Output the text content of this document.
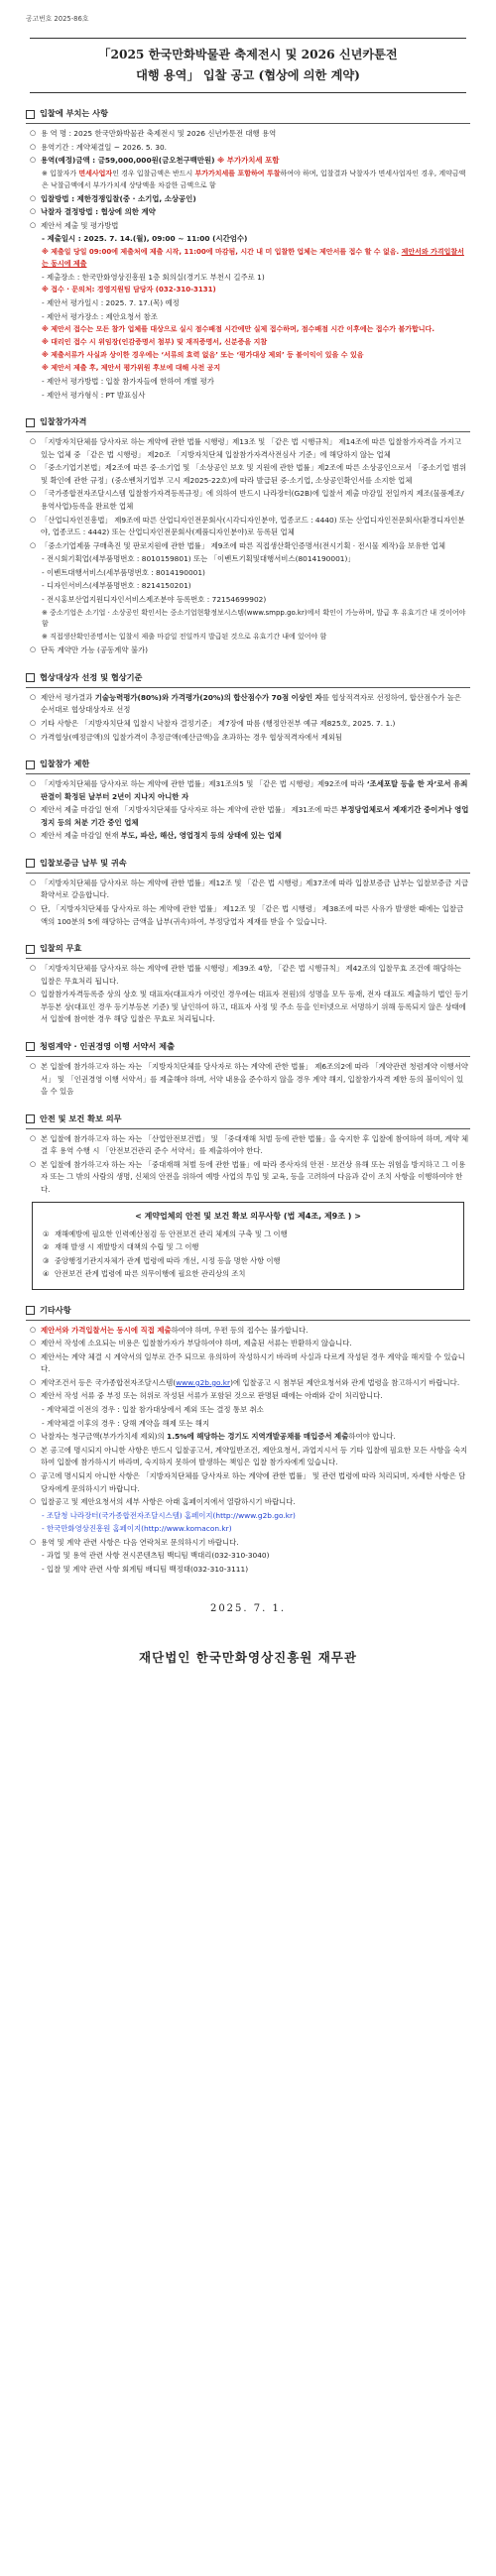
공고번호 2025-86호
「2025 한국만화박물관 축제전시 및 2026 신년카툰전
대행 용역」 입찰 공고 (협상에 의한 계약)
입찰에 부치는 사항
○ 용 역 명 : 2025 한국만화박물관 축제전시 및 2026 신년카툰전 대행 용역
○ 용역기간 : 계약체결일 ~ 2026. 5. 30.
○ 용역(예정)금액 : 금59,000,000원(금오천구백만원) ※ 부가가치세 포함
※ 입찰자가 면세사업자인 경우 입찰금액은 반드시 부가가치세를 포함하여 투찰하여야 하며, 입찰결과 낙찰자가 면세사업자인 경우, 계약금액은 낙찰금액에서 부가가치세 상당액을 차감한 금액으로 함
○ 입찰방법 : 제한경쟁입찰(중 · 소기업, 소상공인)
○ 낙찰자 결정방법 : 협상에 의한 계약
○ 제안서 제출 및 평가방법
- 제출일시 : 2025. 7. 14.(월), 09:00 ~ 11:00 (시간엄수)
※ 제출일 당일 09:00에 제출처에 제출 시작, 11:00에 마감됨, 시간 내 미 입찰한 업체는 제안서를 접수 할 수 없음. 제안서와 가격입찰서는 동시에 제출
- 제출장소 : 한국만화영상진흥원 1층 회의실(경기도 부천시 길주로 1)
※ 접수 · 문의처: 경영지원팀 담당자 (032-310-3131)
- 제안서 평가일시 : 2025. 7. 17.(목) 예정
- 제안서 평가장소 : 제안요청서 참조
※ 제안서 접수는 모든 참가 업체를 대상으로 실시 점수배점 시간에만 실제 접수하며, 점수배점 시간 이후에는 접수가 불가합니다.
※ 대리인 접수 시 위임장(인감증명서 첨부) 및 재직증명서, 신분증을 지참
※ 제출서류가 사실과 상이한 경우에는 ‘서류의 효력 없음’ 또는 ‘평가대상 제외’ 등 불이익이 있을 수 있음
※ 제안서 제출 후, 제안서 평가위원 후보에 대해 사전 공지
- 제안서 평가방법 : 입찰 참가자들에 한하여 개별 평가
- 제안서 평가형식 : PT 발표심사
입찰참가자격
○ 「지방자치단체를 당사자로 하는 계약에 관한 법률 시행령」제13조 및 「같은 법 시행규칙」 제14조에 따른 입찰참가자격을 가지고 있는 업체 중 「같은 법 시행령」 제20조 「지방자치단체 입찰참가자격사전심사 기준」에 해당하지 않는 업체
○ 「중소기업기본법」제2조에 따른 중·소기업 및 「소상공인 보호 및 지원에 관한 법률」제2조에 따른 소상공인으로서 「중소기업 범위 및 확인에 관한 규정」(중소벤처기업부 고시 제2025-22호)에 따라 발급된 중·소기업, 소상공인확인서를 소지한 업체
○ 「국가종합전자조달시스템 입찰참가자격등록규정」에 의하여 반드시 나라장터(G2B)에 입찰서 제출 마감일 전일까지 제조(물품제조/용역사업)등록을 완료한 업체
○ 「산업디자인진흥법」 제9조에 따른 산업디자인전문회사(시각디자인분야, 업종코드 : 4440) 또는 산업디자인전문회사(환경디자인분야, 업종코드 : 4442) 또는 산업디자인전문회사(제품디자인분야)로 등록된 업체
○ 「중소기업제품 구매촉진 및 판로지원에 관한 법률」 제9조에 따른 직접생산확인증명서(전시기획 · 전시물 제작)을 보유한 업체
- 전시회기획업(세부품명번호 : 8010159801) 또는 「이벤트기획및대행서비스(8014190001)」
- 이벤트대행서비스(세부품명번호 : 8014190001)
- 디자인서비스(세부품명번호 : 8214150201)
- 전시홍보산업지원디자인서비스제조분야 등록번호 : 72154699902)
※ 중소기업은 소기업 · 소상공인 확인서는 중소기업현황정보시스템(www.smpp.go.kr)에서 확인이 가능하며, 발급 후 유효기간 내 것이어야 함
※ 직접생산확인증명서는 입찰서 제출 마감일 전일까지 발급된 것으로 유효기간 내에 있어야 함
○ 단독 계약만 가능 (공동계약 불가)
협상대상자 선정 및 협상기준
○ 제안서 평가결과 기술능력평가(80%)와 가격평가(20%)의 합산점수가 70점 이상인 자를 협상적격자로 선정하여, 합산점수가 높은 순서대로 협상대상자로 선정
○ 기타 사항은 「지방자치단체 입찰시 낙찰자 결정기준」 제7장에 따름 (행정안전부 예규 제825호, 2025. 7. 1.)
○ 가격협상(예정금액)의 입찰가격이 추정금액(예산금액)을 초과하는 경우 협상적격자에서 제외됨
입찰참가 제한
○ 「지방자치단체를 당사자로 하는 계약에 관한 법률」제31조의5 및 「같은 법 시행령」제92조에 따라 ‘조세포탈 등을 한 자’로서 유죄판결이 확정된 날부터 2년이 지나지 아니한 자
○ 제안서 제출 마감일 현재 「지방자치단체를 당사자로 하는 계약에 관한 법률」 제31조에 따른 부정당업체로서 제재기간 중이거나 영업정지 등의 처분 기간 중인 업체
○ 제안서 제출 마감일 현재 부도, 파산, 해산, 영업정지 등의 상태에 있는 업체
입찰보증금 납부 및 귀속
○ 「지방자치단체를 당사자로 하는 계약에 관한 법률」제12조 및 「같은 법 시행령」제37조에 따라 입찰보증금 납부는 입찰보증금 지급 확약서로 갈음합니다.
○ 단, 「지방자치단체를 당사자로 하는 계약에 관한 법률」 제12조 및 「같은 법 시행령」 제38조에 따른 사유가 발생한 때에는 입찰금액의 100분의 5에 해당하는 금액을 납부(귀속)하여, 부정당업자 제재를 받을 수 있습니다.
입찰의 무효
○ 「지방자치단체를 당사자로 하는 계약에 관한 법률 시행령」제39조 4항, 「같은 법 시행규칙」 제42조의 입찰무효 조건에 해당하는 입찰은 무효처리 됩니다.
○ 입찰참가자격등록증 상의 상호 및 대표자(대표자가 여럿인 경우에는 대표자 전원)의 성명을 모두 등재, 전자 대표도 제출하기 법인 등기부등본 상(대표인 경우 등기부등본 기준) 및 날인하여 하고, 대표자 사정 및 주소 등을 인터넷으로 서명하기 위해 등록되지 않은 상태에서 입찰에 참여한 경우 해당 입찰은 무효로 처리됩니다.
청렴계약 · 인권경영 이행 서약서 제출
○ 본 입찰에 참가하고자 하는 자는 「지방자치단체를 당사자로 하는 계약에 관한 법률」 제6조의2에 따라 「계약관련 청렴계약 이행서약서」 및 「인권경영 이행 서약서」를 제출해야 하며, 서약 내용을 준수하지 않을 경우 계약 해지, 입찰참가자격 제한 등의 불이익이 있을 수 있음
안전 및 보건 확보 의무
○ 본 입찰에 참가하고자 하는 자는 「산업안전보건법」 및 「중대재해 처벌 등에 관한 법률」을 숙지한 후 입찰에 참여하여 하며, 계약 체결 후 용역 수행 시 「안전보건관리 준수 서약서」를 제출하여야 한다.
○ 본 입찰에 참가하고자 하는 자는 「중대재해 처벌 등에 관한 법률」에 따라 종사자의 안전 · 보건상 유해 또는 위험을 방지하고 그 이용자 또는 그 밖의 사람의 생명, 신체의 안전을 위하여 예방 사업의 투입 및 교육, 등을 고려하여 다음과 같이 조치 사항을 이행하여야 한다.
< 계약업체의 안전 및 보건 확보 의무사항 (법 제4조, 제9조 ) >
① 재해예방에 필요한 인력예산점검 등 안전보건 관리 체계의 구축 및 그 이행
② 재해 발생 시 재발방지 대책의 수립 및 그 이행
③ 중앙행정기관지자체가 관계 법령에 따라 개선, 시정 등을 명한 사항 이행
④ 안전보건 관계 법령에 따른 의무이행에 필요한 관리상의 조치
기타사항
○ 제안서와 가격입찰서는 동시에 직접 제출하여야 하며, 우편 등의 접수는 불가합니다.
○ 제안서 작성에 소요되는 비용은 입찰참가자가 부담하여야 하며, 제출된 서류는 반환하지 않습니다.
○ 제안서는 계약 체결 시 계약서의 일부로 간주 되므로 유의하여 작성하시기 바라며 사실과 다르게 작성된 경우 계약을 해지할 수 있습니다.
○ 계약조건서 등은 국가종합전자조달시스템(www.g2b.go.kr)에 입찰공고 시 첨부된 제안요청서와 관계 법령을 참고하시기 바랍니다.
○ 제안서 작성 서류 중 부정 또는 허위로 작성된 서류가 포함된 것으로 판명된 때에는 아래와 같이 처리합니다.
- 계약체결 이전의 경우 : 입찰 참가대상에서 제외 또는 결정 통보 취소
- 계약체결 이후의 경우 : 당해 계약을 해제 또는 해지
○ 낙찰자는 청구금액(부가가치세 제외)의 1.5%에 해당하는 경기도 지역개발공채를 매입증서 제출하여야 합니다.
○ 본 공고에 명시되지 아니한 사항은 반드시 입찰공고서, 계약일반조건, 제안요청서, 과업지시서 등 기타 입찰에 필요한 모든 사항을 숙지하여 입찰에 참가하시기 바라며, 숙지하지 못하여 발생하는 책임은 입찰 참가자에게 있습니다.
○ 공고에 명시되지 아니한 사항은 「지방자치단체를 당사자로 하는 계약에 관한 법률」 및 관련 법령에 따라 처리되며, 자세한 사항은 담당자에게 문의하시기 바랍니다.
○ 입찰공고 및 제안요청서의 세부 사항은 아래 홈페이지에서 열람하시기 바랍니다.
- 조달청 나라장터(국가종합전자조달시스템) 홈페이지(http://www.g2b.go.kr)
- 한국만화영상진흥원 홈페이지(http://www.komacon.kr)
○ 용역 및 계약 관련 사항은 다음 연락처로 문의하시기 바랍니다.
- 과업 및 용역 관련 사항 전시콘텐츠팀 백디팀 백대리(032-310-3040)
- 입찰 및 계약 관련 사항 회계팀 배디팀 백정태(032-310-3111)
2025. 7. 1.
재단법인 한국만화영상진흥원 재무관
